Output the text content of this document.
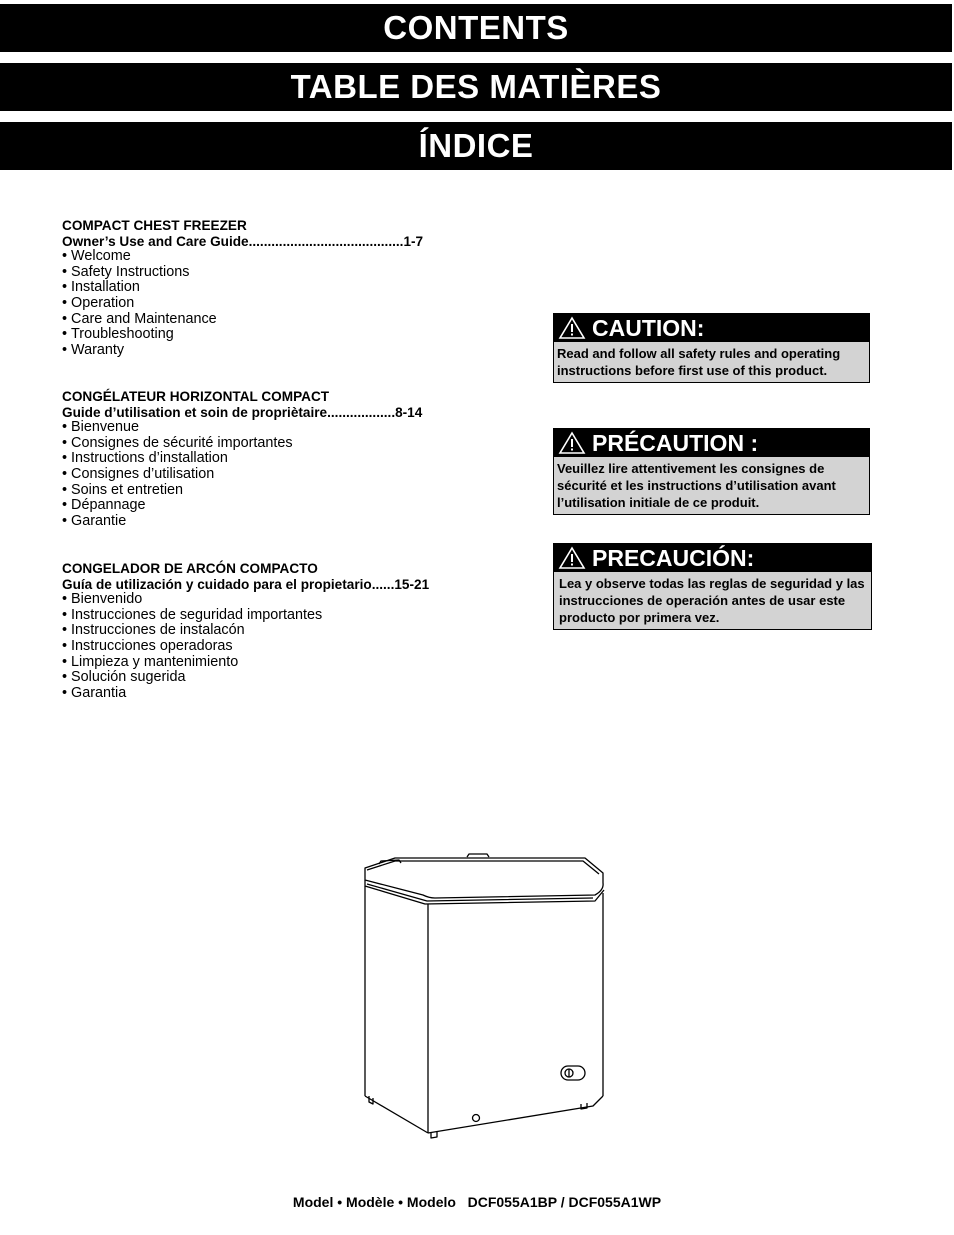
CONTENTS
TABLE DES MATIÈRES
ÍNDICE
COMPACT CHEST FREEZER
Owner’s Use and Care Guide.........................................1-7
• Welcome
• Safety Instructions
• Installation
• Operation
• Care and Maintenance
• Troubleshooting
• Waranty
CONGÉLATEUR HORIZONTAL COMPACT
Guide d’utilisation et soin de propriètaire..................8-14
• Bienvenue
• Consignes de sécurité importantes
• Instructions d’installation
• Consignes d’utilisation
• Soins et entretien
• Dépannage
• Garantie
CONGELADOR DE ARCÓN COMPACTO
Guía de utilización y cuidado para el propietario......15-21
• Bienvenido
• Instrucciones de seguridad importantes
• Instrucciones de instalacón
• Instrucciones operadoras
• Limpieza y mantenimiento
• Solución sugerida
• Garantia
CAUTION:
Read and follow all safety rules and operating instructions before first use of this product.
PRÉCAUTION :
Veuillez lire attentivement les consignes de sécurité et les instructions d’utilisation avant l’utilisation initiale de ce produit.
PRECAUCIÓN:
Lea y observe todas las reglas de seguridad y las instrucciones de operación antes de usar este producto por primera vez.
Model • Modèle • Modelo DCF055A1BP / DCF055A1WP
